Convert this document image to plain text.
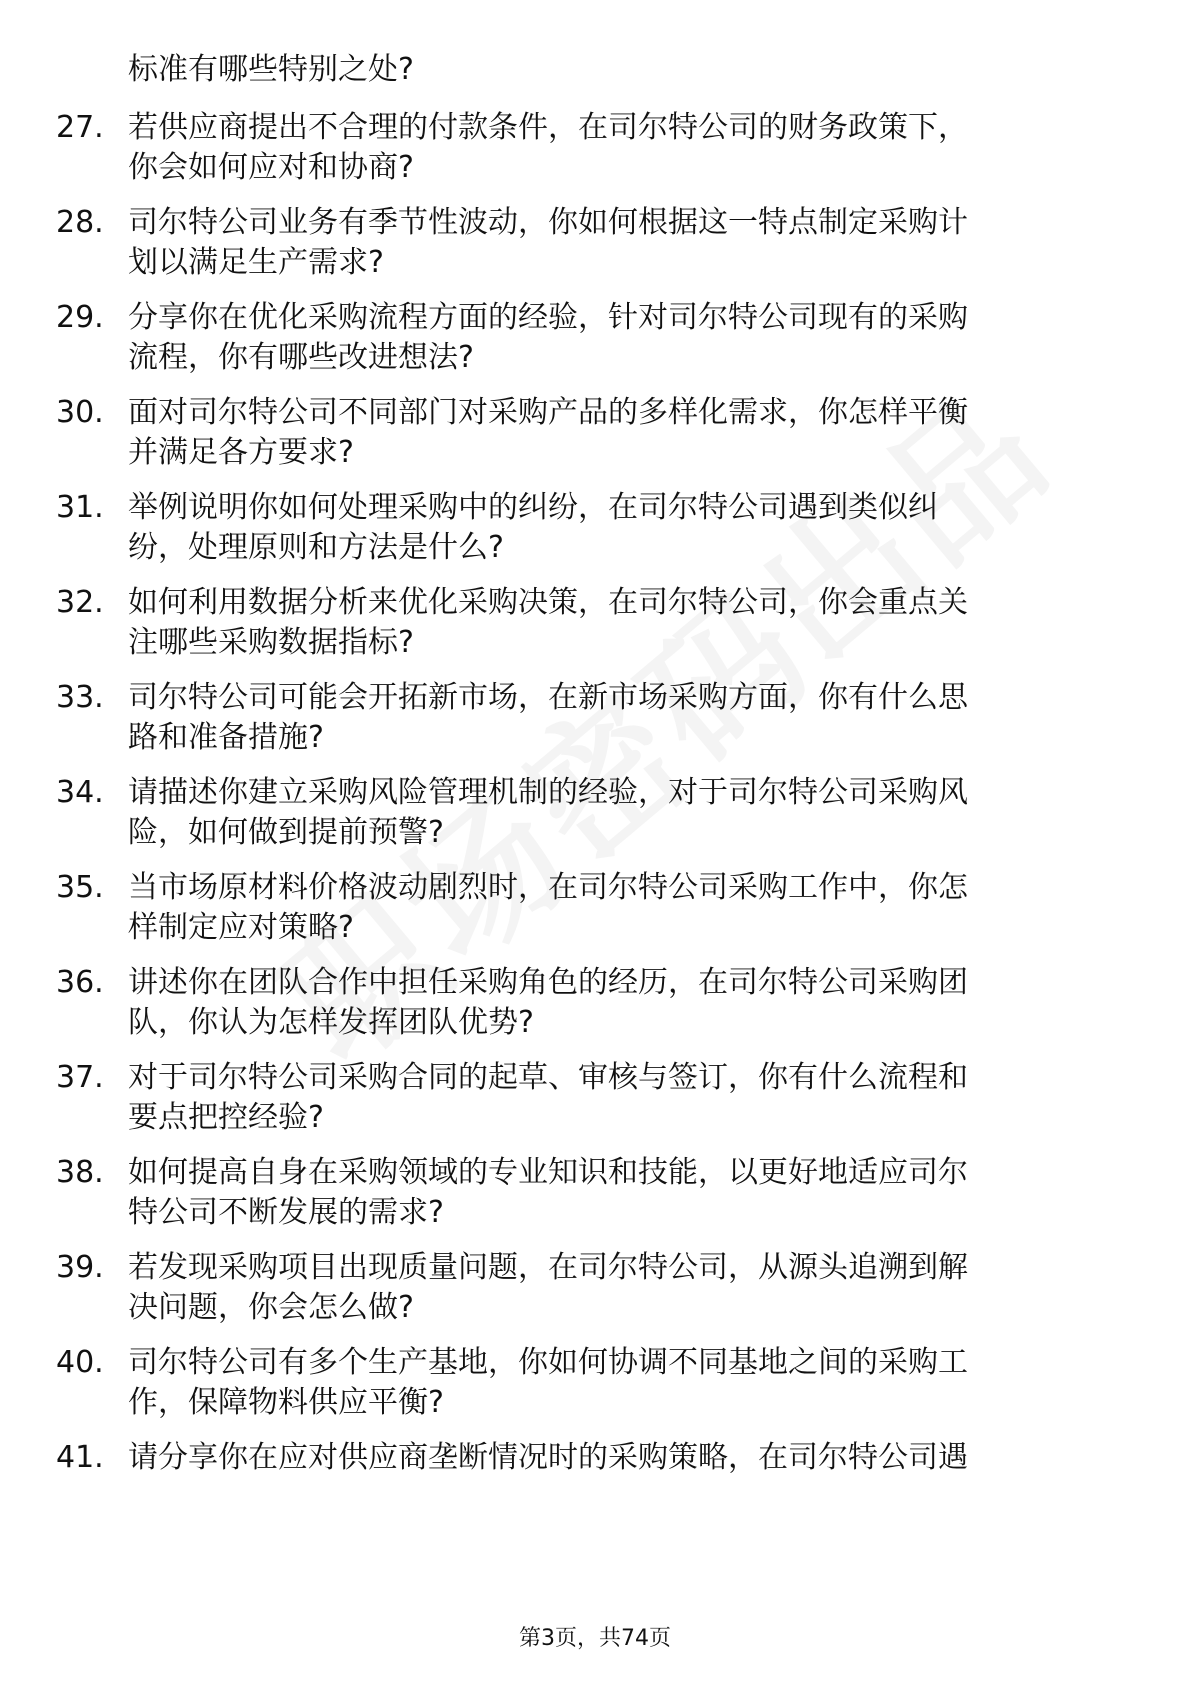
标准有哪些特别之处?
27. 若供应商提出不合理的付款条件，在司尔特公司的财务政策下，
你会如何应对和协商?
28. 司尔特公司业务有季节性波动，你如何根据这一特点制定采购计
划以满足生产需求?
29. 分享你在优化采购流程方面的经验，针对司尔特公司现有的采购
流程，你有哪些改进想法?
30. 面对司尔特公司不同部门对采购产品的多样化需求，你怎样平衡
并满足各方要求?
31. 举例说明你如何处理采购中的纠纷，在司尔特公司遇到类似纠
纷，处理原则和方法是什么?
32. 如何利用数据分析来优化采购决策，在司尔特公司，你会重点关
注哪些采购数据指标?
33. 司尔特公司可能会开拓新市场，在新市场采购方面，你有什么思
路和准备措施?
34. 请描述你建立采购风险管理机制的经验，对于司尔特公司采购风
险，如何做到提前预警?
35. 当市场原材料价格波动剧烈时，在司尔特公司采购工作中，你怎
样制定应对策略?
36. 讲述你在团队合作中担任采购角色的经历，在司尔特公司采购团
队，你认为怎样发挥团队优势?
37. 对于司尔特公司采购合同的起草、审核与签订，你有什么流程和
要点把控经验?
38. 如何提高自身在采购领域的专业知识和技能，以更好地适应司尔
特公司不断发展的需求?
39. 若发现采购项目出现质量问题，在司尔特公司，从源头追溯到解
决问题，你会怎么做?
40. 司尔特公司有多个生产基地，你如何协调不同基地之间的采购工
作，保障物料供应平衡?
41. 请分享你在应对供应商垄断情况时的采购策略，在司尔特公司遇
第3页，共74页
